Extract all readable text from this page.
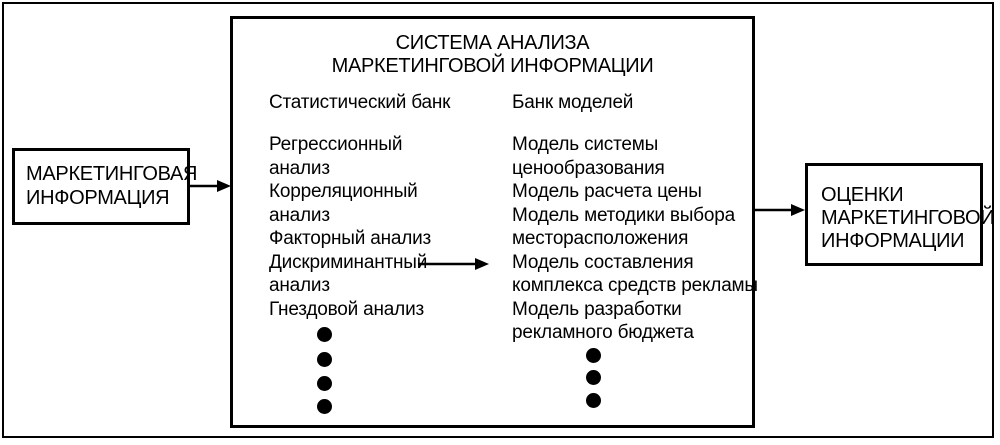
МАРКЕТИНГОВАЯ
ИНФОРМАЦИЯ
СИСТЕМА АНАЛИЗА
МАРКЕТИНГОВОЙ ИНФОРМАЦИИ
Статистический банк	Банк моделей
Регрессионный
анализ
Корреляционный
анализ
Факторный анализ
Дискриминантный
анализ
Гнездовой анализ
Модель системы
ценообразования
Модель расчета цены
Модель методики выбора
месторасположения
Модель составления
комплекса средств рекламы
Модель разработки
рекламного бюджета
ОЦЕНКИ
МАРКЕТИНГОВОЙ
ИНФОРМАЦИИ
